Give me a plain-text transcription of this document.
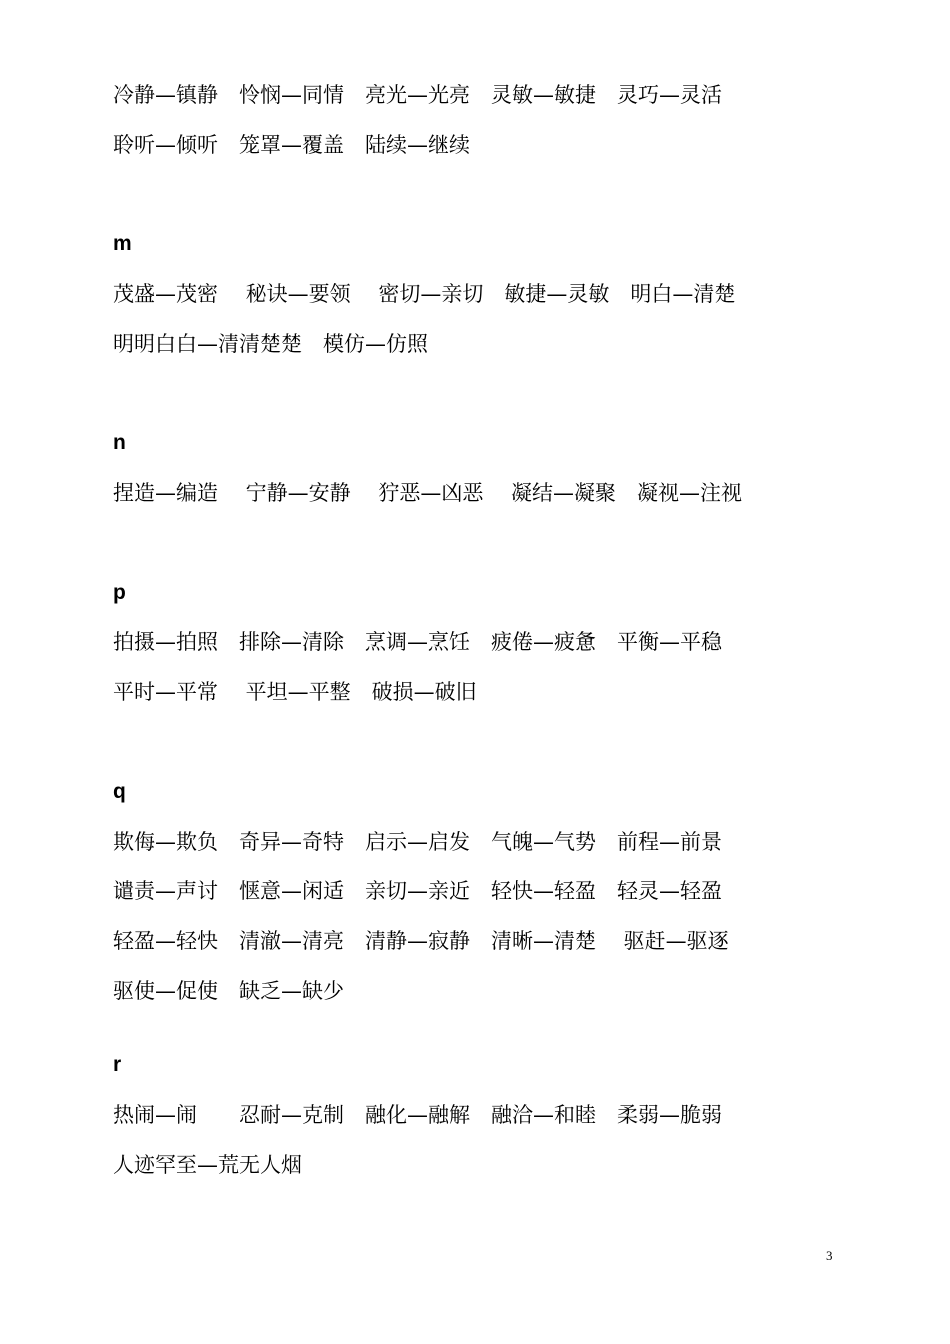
冷静—镇静　怜悯—同情　亮光—光亮　灵敏—敏捷　灵巧—灵活
聆听—倾听　笼罩—覆盖　陆续—继续
m
茂盛—茂密　 秘诀—要领　 密切—亲切　敏捷—灵敏　明白—清楚
明明白白—清清楚楚　模仿—仿照
n
捏造—编造　 宁静—安静　 狞恶—凶恶　 凝结—凝聚　凝视—注视
p
拍摄—拍照　排除—清除　烹调—烹饪　疲倦—疲惫　平衡—平稳
平时—平常　 平坦—平整　破损—破旧
q
欺侮—欺负　奇异—奇特　启示—启发　气魄—气势　前程—前景
谴责—声讨　惬意—闲适　亲切—亲近　轻快—轻盈　轻灵—轻盈
轻盈—轻快　清澈—清亮　清静—寂静　清晰—清楚　 驱赶—驱逐
驱使—促使　缺乏—缺少
r
热闹—闹　　忍耐—克制　融化—融解　融洽—和睦　柔弱—脆弱
人迹罕至—荒无人烟
3
